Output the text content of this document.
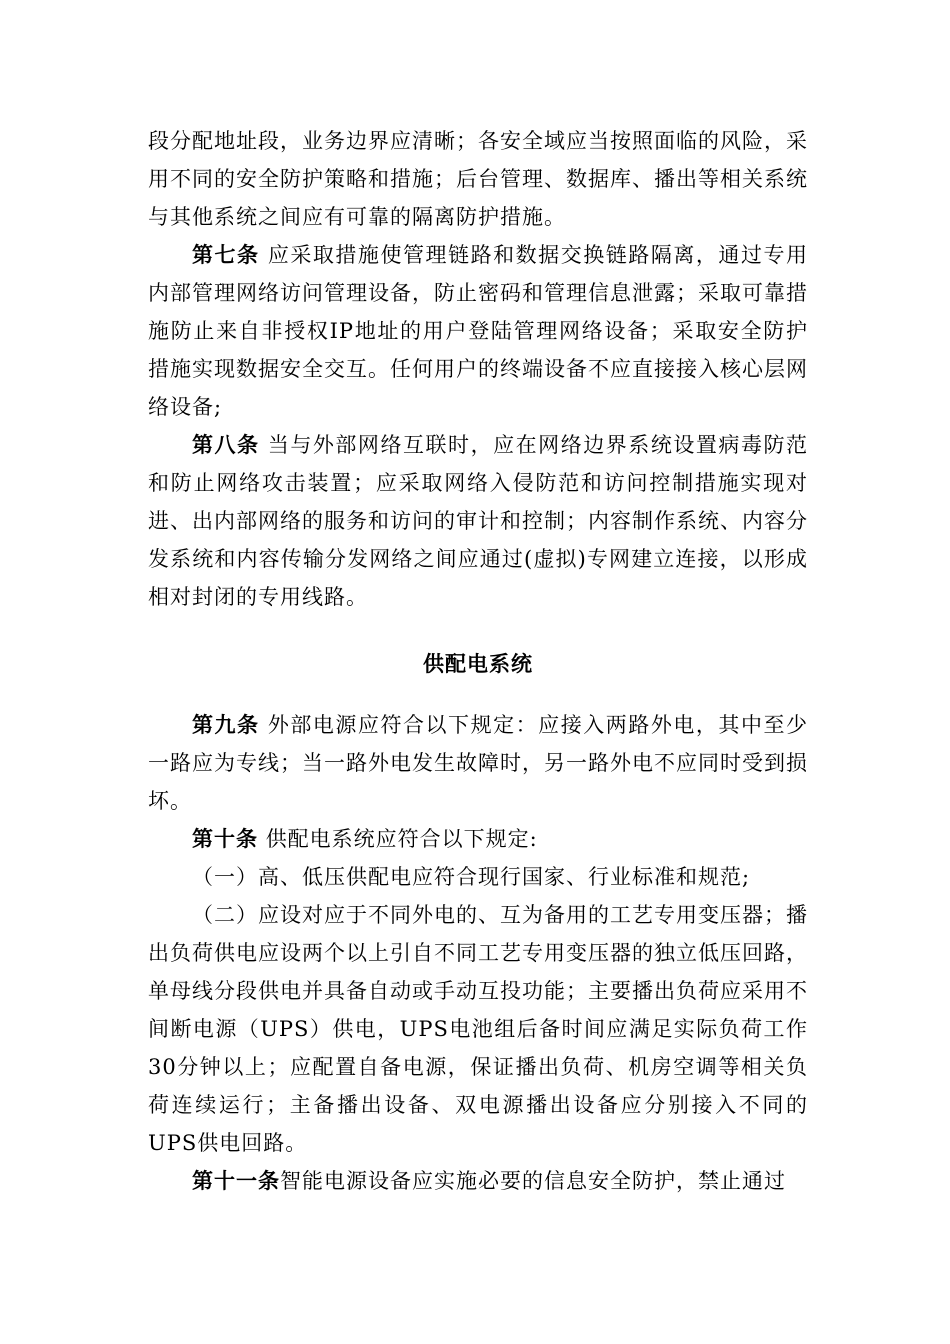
段分配地址段，业务边界应清晰；各安全域应当按照面临的风险，采用不同的安全防护策略和措施；后台管理、数据库、播出等相关系统与其他系统之间应有可靠的隔离防护措施。

第七条 应采取措施使管理链路和数据交换链路隔离，通过专用内部管理网络访问管理设备，防止密码和管理信息泄露；采取可靠措施防止来自非授权IP地址的用户登陆管理网络设备；采取安全防护措施实现数据安全交互。任何用户的终端设备不应直接接入核心层网络设备;

第八条 当与外部网络互联时，应在网络边界系统设置病毒防范和防止网络攻击装置；应采取网络入侵防范和访问控制措施实现对进、出内部网络的服务和访问的审计和控制；内容制作系统、内容分发系统和内容传输分发网络之间应通过(虚拟)专网建立连接，以形成相对封闭的专用线路。

供配电系统

第九条 外部电源应符合以下规定：应接入两路外电，其中至少一路应为专线；当一路外电发生故障时，另一路外电不应同时受到损坏。

第十条 供配电系统应符合以下规定:

（一）高、低压供配电应符合现行国家、行业标准和规范;

（二）应设对应于不同外电的、互为备用的工艺专用变压器；播出负荷供电应设两个以上引自不同工艺专用变压器的独立低压回路，单母线分段供电并具备自动或手动互投功能；主要播出负荷应采用不间断电源（UPS）供电，UPS电池组后备时间应满足实际负荷工作30分钟以上；应配置自备电源，保证播出负荷、机房空调等相关负荷连续运行；主备播出设备、双电源播出设备应分别接入不同的UPS供电回路。

第十一条智能电源设备应实施必要的信息安全防护，禁止通过
